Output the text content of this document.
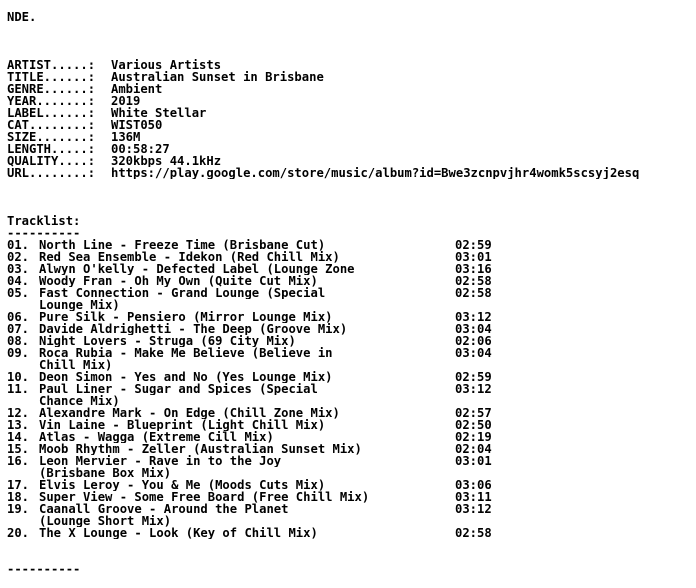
NDE.
ARTIST.....: Various Artists
TITLE......: Australian Sunset in Brisbane
GENRE......: Ambient
YEAR.......: 2019
LABEL......: White Stellar
CAT........: WIST050
SIZE.......: 136M
LENGTH.....: 00:58:27
QUALITY....: 320kbps 44.1kHz
URL........: https://play.google.com/store/music/album?id=Bwe3zcnpvjhr4womk5scsyj2esq
Tracklist:
----------
01. North Line - Freeze Time (Brisbane Cut)	02:59
02. Red Sea Ensemble - Idekon (Red Chill Mix)	03:01
03. Alwyn O'kelly - Defected Label (Lounge Zone	03:16
04. Woody Fran - Oh My Own (Quite Cut Mix)	02:58
05. Fast Connection - Grand Lounge (Special	02:58
Lounge Mix)
06. Pure Silk - Pensiero (Mirror Lounge Mix)	03:12
07. Davide Aldrighetti - The Deep (Groove Mix)	03:04
08. Night Lovers - Struga (69 City Mix)	02:06
09. Roca Rubia - Make Me Believe (Believe in	03:04
Chill Mix)
10. Deon Simon - Yes and No (Yes Lounge Mix)	02:59
11. Paul Liner - Sugar and Spices (Special	03:12
Chance Mix)
12. Alexandre Mark - On Edge (Chill Zone Mix)	02:57
13. Vin Laine - Blueprint (Light Chill Mix)	02:50
14. Atlas - Wagga (Extreme Cill Mix)	02:19
15. Moob Rhythm - Zeller (Australian Sunset Mix)	02:04
16. Leon Mervier - Rave in to the Joy	03:01
(Brisbane Box Mix)
17. Elvis Leroy - You & Me (Moods Cuts Mix)	03:06
18. Super View - Some Free Board (Free Chill Mix)	03:11
19. Caanall Groove - Around the Planet	03:12
(Lounge Short Mix)
20. The X Lounge - Look (Key of Chill Mix)	02:58
----------
